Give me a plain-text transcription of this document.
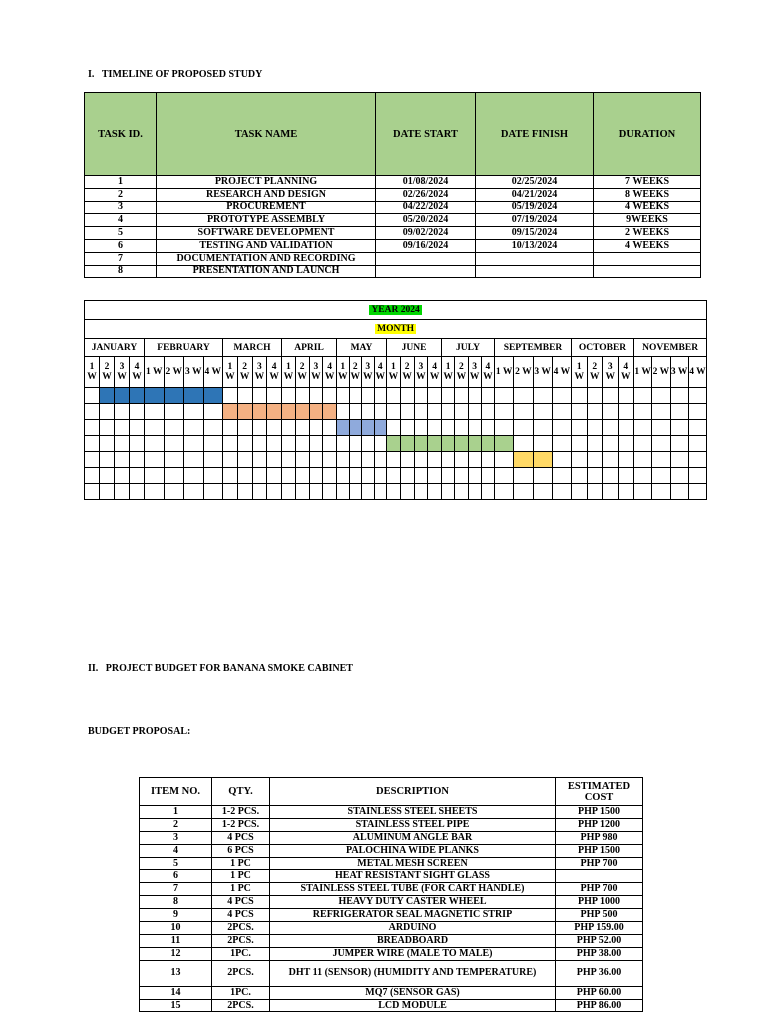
I.   TIMELINE OF PROPOSED STUDY
TASK ID.	TASK NAME	DATE START	DATE FINISH	DURATION
1	PROJECT PLANNING	01/08/2024	02/25/2024	7 WEEKS
2	RESEARCH AND DESIGN	02/26/2024	04/21/2024	8 WEEKS
3	PROCUREMENT	04/22/2024	05/19/2024	4 WEEKS
4	PROTOTYPE ASSEMBLY	05/20/2024	07/19/2024	9WEEKS
5	SOFTWARE DEVELOPMENT	09/02/2024	09/15/2024	2 WEEKS
6	TESTING AND VALIDATION	09/16/2024	10/13/2024	4 WEEKS
7	DOCUMENTATION AND RECORDING			
8	PRESENTATION AND LAUNCH			
YEAR 2024																																							
MONTH																																							
JANUARY				FEBRUARY				MARCH				APRIL				MAY				JUNE				JULY				SEPTEMBER				OCTOBER				NOVEMBER			
1 W	2 W	3 W	4 W	1 W	2 W	3 W	4 W	1 W	2 W	3 W	4 W	1 W	2 W	3 W	4 W	1 W	2 W	3 W	4 W	1 W	2 W	3 W	4 W	1 W	2 W	3 W	4 W	1 W	2 W	3 W	4 W	1 W	2 W	3 W	4 W	1 W	2 W	3 W	4 W

II.   PROJECT BUDGET FOR BANANA SMOKE CABINET
BUDGET PROPOSAL:
ITEM NO.	QTY.	DESCRIPTION	ESTIMATED COST
1	1-2 PCS.	STAINLESS STEEL SHEETS	PHP 1500
2	1-2 PCS.	STAINLESS STEEL PIPE	PHP 1200
3	4 PCS	ALUMINUM ANGLE BAR	PHP 980
4	6 PCS	PALOCHINA WIDE PLANKS	PHP 1500
5	1 PC	METAL MESH SCREEN	PHP 700
6	1 PC	HEAT RESISTANT SIGHT GLASS	
7	1 PC	STAINLESS STEEL TUBE (FOR CART HANDLE)	PHP 700
8	4 PCS	HEAVY DUTY CASTER WHEEL	PHP 1000
9	4 PCS	REFRIGERATOR SEAL MAGNETIC STRIP	PHP 500
10	2PCS.	ARDUINO	PHP 159.00
11	2PCS.	BREADBOARD	PHP 52.00
12	1PC.	JUMPER WIRE (MALE TO MALE)	PHP 38.00
13	2PCS.	DHT 11 (SENSOR) (HUMIDITY AND TEMPERATURE)	PHP 36.00
14	1PC.	MQ7 (SENSOR GAS)	PHP 60.00
15	2PCS.	LCD MODULE	PHP 86.00
